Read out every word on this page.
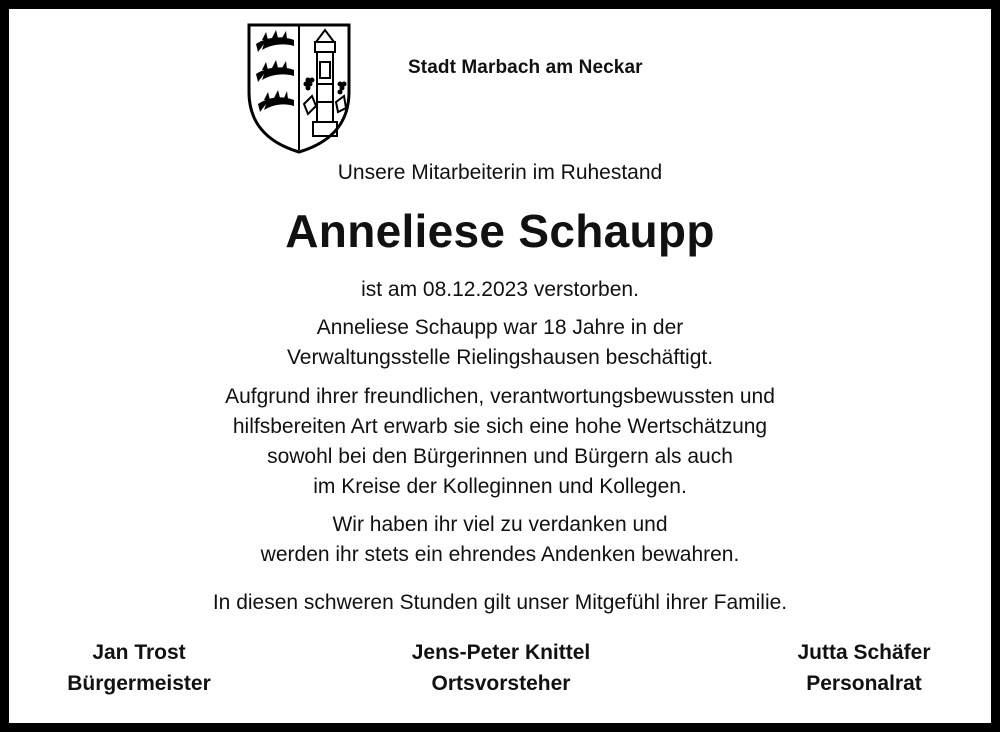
Stadt Marbach am Neckar
Unsere Mitarbeiterin im Ruhestand
Anneliese Schaupp
ist am 08.12.2023 verstorben.
Anneliese Schaupp war 18 Jahre in der
Verwaltungsstelle Rielingshausen beschäftigt.
Aufgrund ihrer freundlichen, verantwortungsbewussten und
hilfsbereiten Art erwarb sie sich eine hohe Wertschätzung
sowohl bei den Bürgerinnen und Bürgern als auch
im Kreise der Kolleginnen und Kollegen.
Wir haben ihr viel zu verdanken und
werden ihr stets ein ehrendes Andenken bewahren.
In diesen schweren Stunden gilt unser Mitgefühl ihrer Familie.
Jan Trost
Bürgermeister
Jens-Peter Knittel
Ortsvorsteher
Jutta Schäfer
Personalrat
